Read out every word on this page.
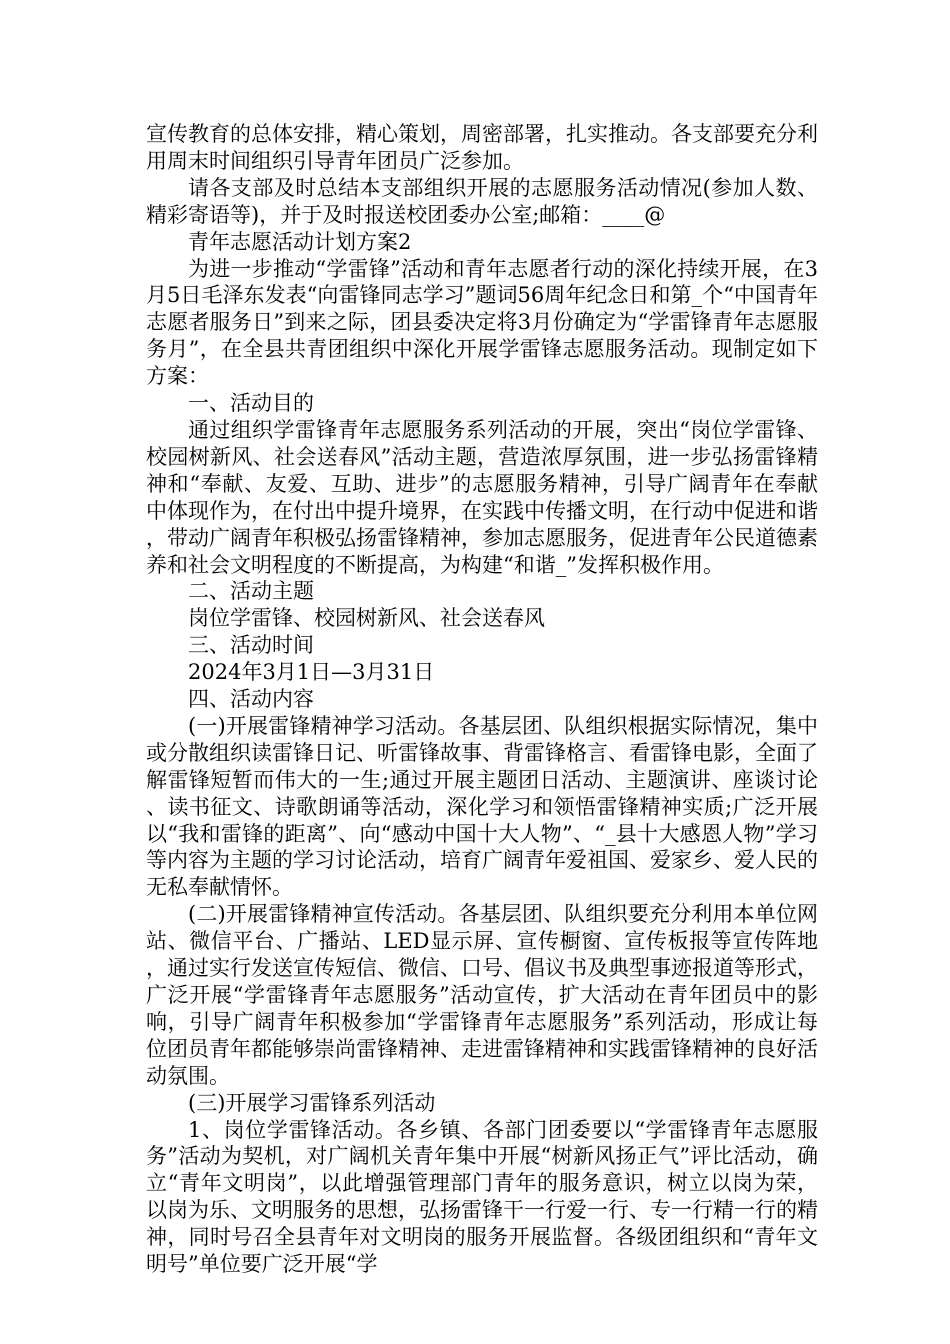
宣传教育的总体安排，精心策划，周密部署，扎实推动。各支部要充分利用周末时间组织引导青年团员广泛参加。

请各支部及时总结本支部组织开展的志愿服务活动情况(参加人数、精彩寄语等)，并于及时报送校团委办公室;邮箱：____@

青年志愿活动计划方案2

为进一步推动“学雷锋”活动和青年志愿者行动的深化持续开展，在3月5日毛泽东发表“向雷锋同志学习”题词56周年纪念日和第_个“中国青年志愿者服务日”到来之际，团县委决定将3月份确定为“学雷锋青年志愿服务月”，在全县共青团组织中深化开展学雷锋志愿服务活动。现制定如下方案：

一、活动目的

通过组织学雷锋青年志愿服务系列活动的开展，突出“岗位学雷锋、校园树新风、社会送春风”活动主题，营造浓厚氛围，进一步弘扬雷锋精神和“奉献、友爱、互助、进步”的志愿服务精神，引导广阔青年在奉献中体现作为，在付出中提升境界，在实践中传播文明，在行动中促进和谐，带动广阔青年积极弘扬雷锋精神，参加志愿服务，促进青年公民道德素养和社会文明程度的不断提高，为构建“和谐_”发挥积极作用。

二、活动主题

岗位学雷锋、校园树新风、社会送春风

三、活动时间

2024年3月1日—3月31日

四、活动内容

(一)开展雷锋精神学习活动。各基层团、队组织根据实际情况，集中或分散组织读雷锋日记、听雷锋故事、背雷锋格言、看雷锋电影，全面了解雷锋短暂而伟大的一生;通过开展主题团日活动、主题演讲、座谈讨论、读书征文、诗歌朗诵等活动，深化学习和领悟雷锋精神实质;广泛开展以“我和雷锋的距离”、向“感动中国十大人物”、“_县十大感恩人物”学习等内容为主题的学习讨论活动，培育广阔青年爱祖国、爱家乡、爱人民的无私奉献情怀。

(二)开展雷锋精神宣传活动。各基层团、队组织要充分利用本单位网站、微信平台、广播站、LED显示屏、宣传橱窗、宣传板报等宣传阵地，通过实行发送宣传短信、微信、口号、倡议书及典型事迹报道等形式，广泛开展“学雷锋青年志愿服务”活动宣传，扩大活动在青年团员中的影响，引导广阔青年积极参加“学雷锋青年志愿服务”系列活动，形成让每位团员青年都能够崇尚雷锋精神、走进雷锋精神和实践雷锋精神的良好活动氛围。

(三)开展学习雷锋系列活动

1、岗位学雷锋活动。各乡镇、各部门团委要以“学雷锋青年志愿服务”活动为契机，对广阔机关青年集中开展“树新风扬正气”评比活动，确立“青年文明岗”，以此增强管理部门青年的服务意识，树立以岗为荣，以岗为乐、文明服务的思想，弘扬雷锋干一行爱一行、专一行精一行的精神，同时号召全县青年对文明岗的服务开展监督。各级团组织和“青年文明号”单位要广泛开展“学
